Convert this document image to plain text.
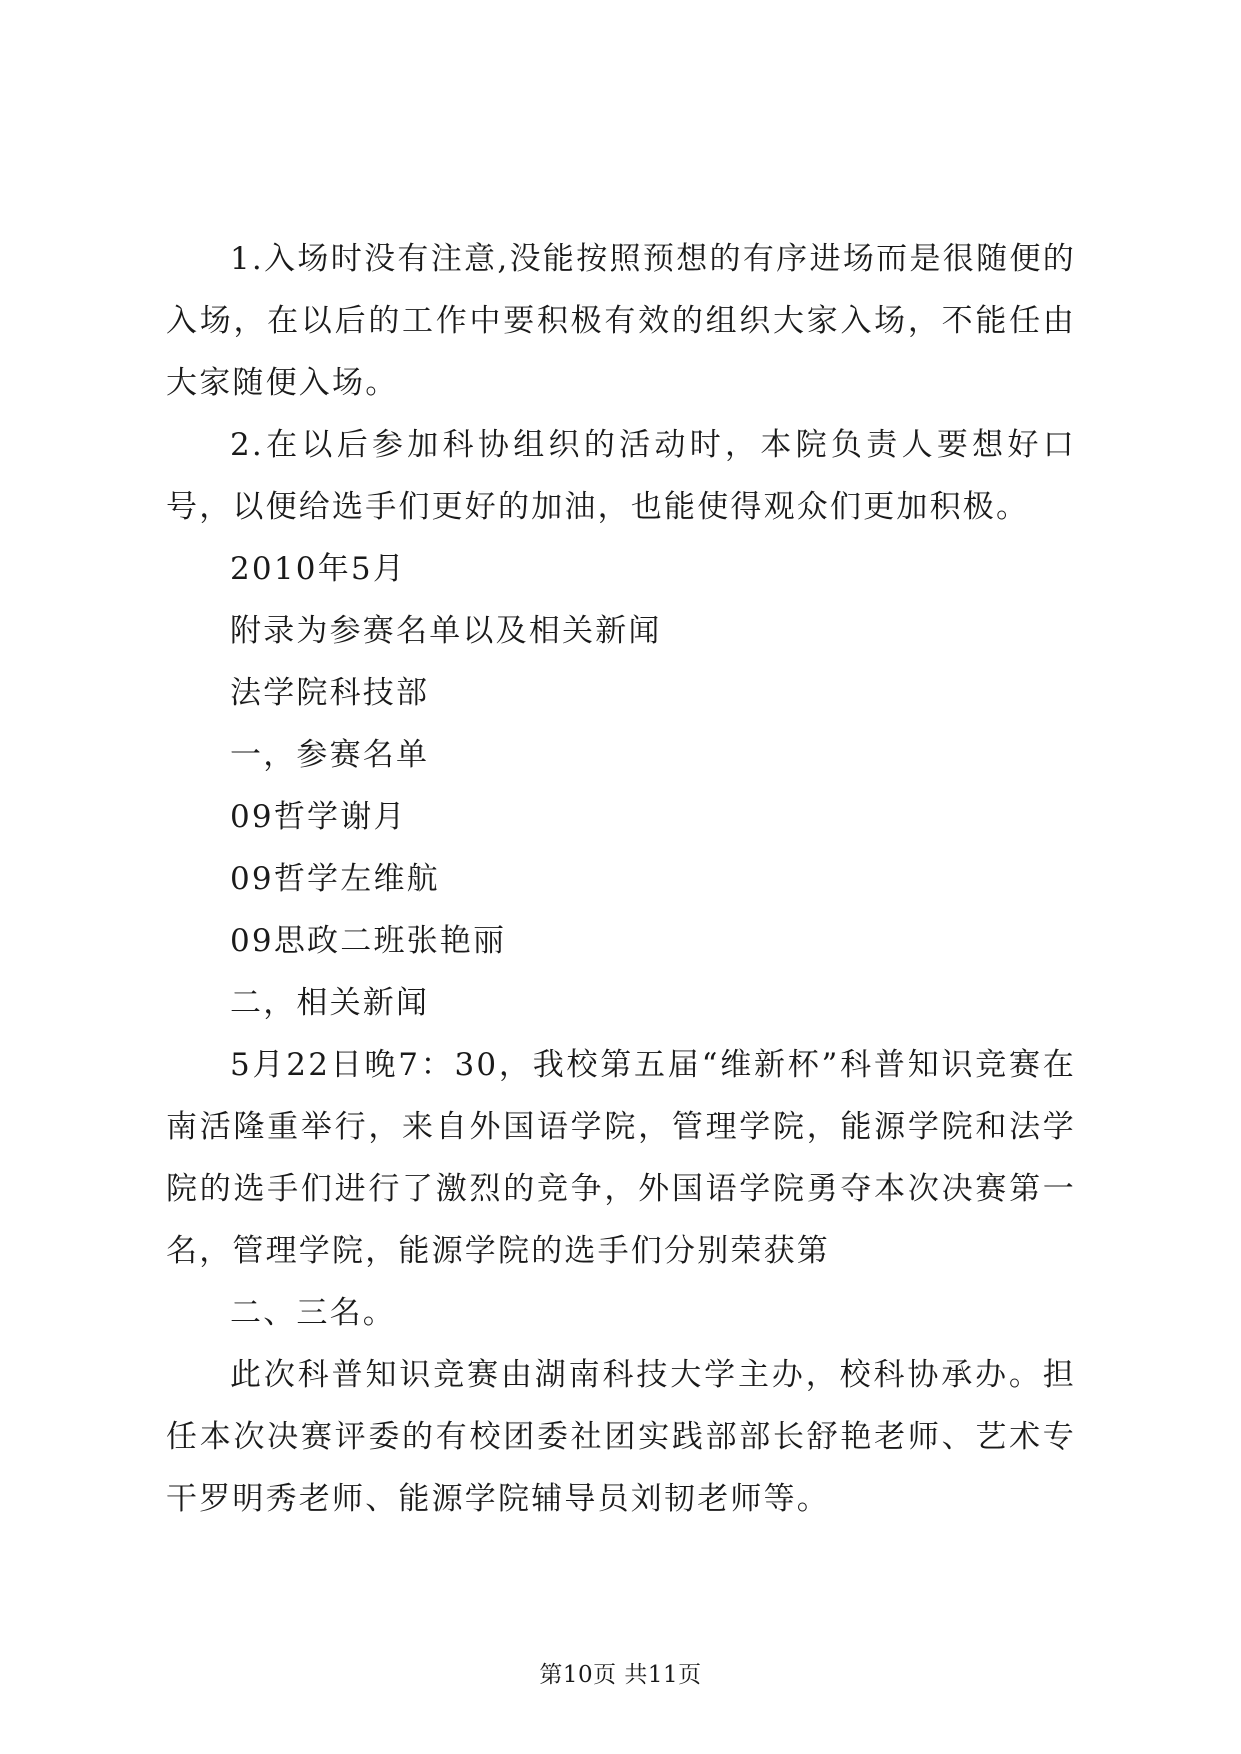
1.入场时没有注意,没能按照预想的有序进场而是很随便的入场，在以后的工作中要积极有效的组织大家入场，不能任由大家随便入场。

2.在以后参加科协组织的活动时，本院负责人要想好口号，以便给选手们更好的加油，也能使得观众们更加积极。

2010年5月

附录为参赛名单以及相关新闻

法学院科技部

一，参赛名单

09哲学谢月

09哲学左维航

09思政二班张艳丽

二，相关新闻

5月22日晚7：30，我校第五届“维新杯”科普知识竞赛在南活隆重举行，来自外国语学院，管理学院，能源学院和法学院的选手们进行了激烈的竞争，外国语学院勇夺本次决赛第一名，管理学院，能源学院的选手们分别荣获第

二、三名。

此次科普知识竞赛由湖南科技大学主办，校科协承办。担任本次决赛评委的有校团委社团实践部部长舒艳老师、艺术专干罗明秀老师、能源学院辅导员刘韧老师等。

第10页 共11页
